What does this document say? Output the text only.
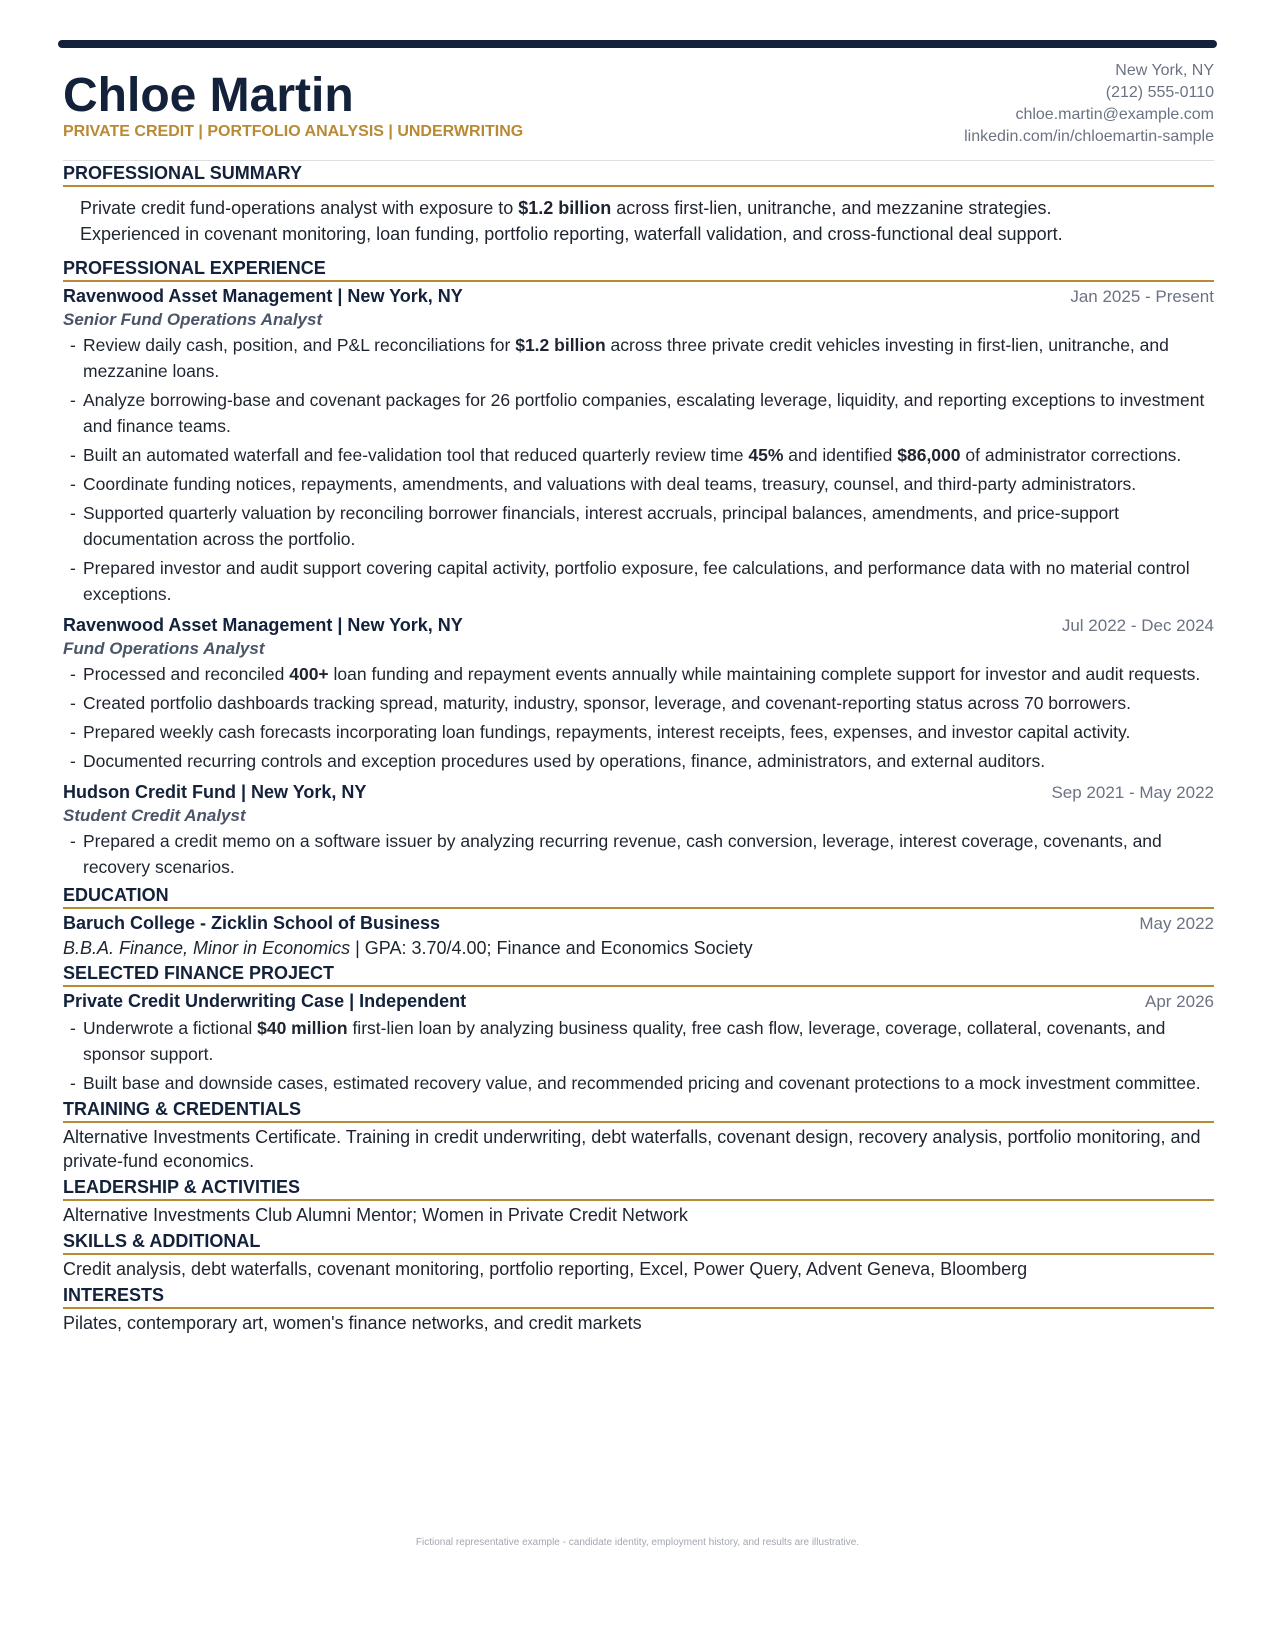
Chloe Martin
PRIVATE CREDIT | PORTFOLIO ANALYSIS | UNDERWRITING
New York, NY
(212) 555-0110
chloe.martin@example.com
linkedin.com/in/chloemartin-sample
PROFESSIONAL SUMMARY
Private credit fund-operations analyst with exposure to $1.2 billion across first-lien, unitranche, and mezzanine strategies.
Experienced in covenant monitoring, loan funding, portfolio reporting, waterfall validation, and cross-functional deal support.
PROFESSIONAL EXPERIENCE
Ravenwood Asset Management | New York, NY	Jan 2025 - Present
Senior Fund Operations Analyst
- Review daily cash, position, and P&L reconciliations for $1.2 billion across three private credit vehicles investing in first-lien, unitranche, and mezzanine loans.
- Analyze borrowing-base and covenant packages for 26 portfolio companies, escalating leverage, liquidity, and reporting exceptions to investment and finance teams.
- Built an automated waterfall and fee-validation tool that reduced quarterly review time 45% and identified $86,000 of administrator corrections.
- Coordinate funding notices, repayments, amendments, and valuations with deal teams, treasury, counsel, and third-party administrators.
- Supported quarterly valuation by reconciling borrower financials, interest accruals, principal balances, amendments, and price-support documentation across the portfolio.
- Prepared investor and audit support covering capital activity, portfolio exposure, fee calculations, and performance data with no material control exceptions.
Ravenwood Asset Management | New York, NY	Jul 2022 - Dec 2024
Fund Operations Analyst
- Processed and reconciled 400+ loan funding and repayment events annually while maintaining complete support for investor and audit requests.
- Created portfolio dashboards tracking spread, maturity, industry, sponsor, leverage, and covenant-reporting status across 70 borrowers.
- Prepared weekly cash forecasts incorporating loan fundings, repayments, interest receipts, fees, expenses, and investor capital activity.
- Documented recurring controls and exception procedures used by operations, finance, administrators, and external auditors.
Hudson Credit Fund | New York, NY	Sep 2021 - May 2022
Student Credit Analyst
- Prepared a credit memo on a software issuer by analyzing recurring revenue, cash conversion, leverage, interest coverage, covenants, and recovery scenarios.
EDUCATION
Baruch College - Zicklin School of Business	May 2022
B.B.A. Finance, Minor in Economics | GPA: 3.70/4.00; Finance and Economics Society
SELECTED FINANCE PROJECT
Private Credit Underwriting Case | Independent	Apr 2026
- Underwrote a fictional $40 million first-lien loan by analyzing business quality, free cash flow, leverage, coverage, collateral, covenants, and sponsor support.
- Built base and downside cases, estimated recovery value, and recommended pricing and covenant protections to a mock investment committee.
TRAINING & CREDENTIALS
Alternative Investments Certificate. Training in credit underwriting, debt waterfalls, covenant design, recovery analysis, portfolio monitoring, and private-fund economics.
LEADERSHIP & ACTIVITIES
Alternative Investments Club Alumni Mentor; Women in Private Credit Network
SKILLS & ADDITIONAL
Credit analysis, debt waterfalls, covenant monitoring, portfolio reporting, Excel, Power Query, Advent Geneva, Bloomberg
INTERESTS
Pilates, contemporary art, women's finance networks, and credit markets
Fictional representative example - candidate identity, employment history, and results are illustrative.
